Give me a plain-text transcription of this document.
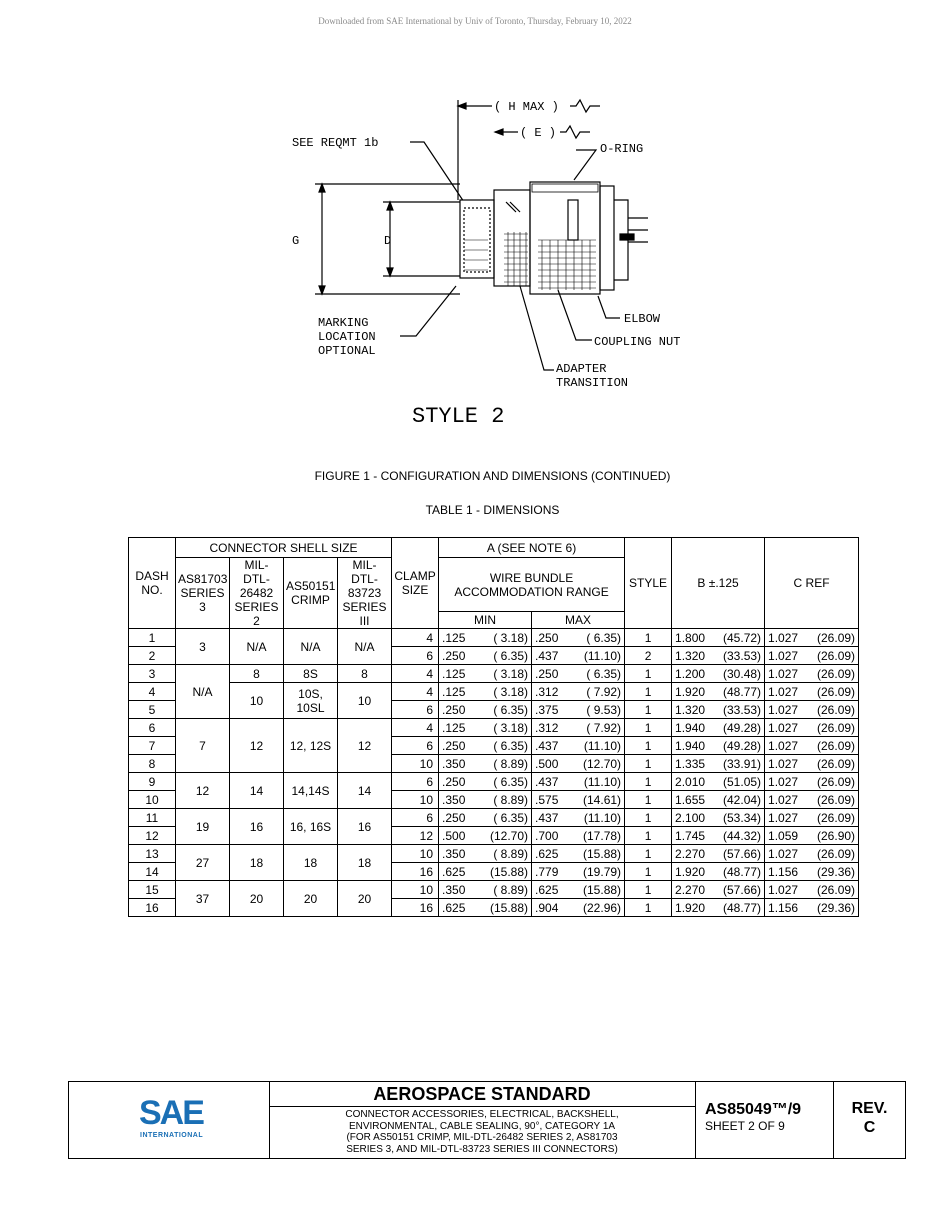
Downloaded from SAE International by Univ of Toronto, Thursday, February 10, 2022
( H MAX )
( E )
SEE REQMT 1b	O-RING
G	D
MARKING
LOCATION
OPTIONAL
ELBOW
COUPLING NUT
ADAPTER
TRANSITION
STYLE 2
FIGURE 1 - CONFIGURATION AND DIMENSIONS (CONTINUED)
TABLE 1 - DIMENSIONS
DASH NO.	CONNECTOR SHELL SIZE				CLAMP SIZE	A (SEE NOTE 6)		STYLE	B ±.125	C REF
	AS81703 SERIES 3	MIL-DTL-26482 SERIES 2	AS50151 CRIMP	MIL-DTL-83723 SERIES III		WIRE BUNDLE ACCOMMODATION RANGE				
						MIN	MAX			
1	3	N/A	N/A	N/A	4	.125 ( 3.18)	.250 ( 6.35)	1	1.800 (45.72)	1.027 (26.09)

2					6	.250 ( 6.35)	.437 (11.10)	2	1.320 (33.53)	1.027 (26.09)

3	N/A	8	8S	8	4	.125 ( 3.18)	.250 ( 6.35)	1	1.200 (30.48)	1.027 (26.09)

4		10	10S, 10SL	10	4	.125 ( 3.18)	.312 ( 7.92)	1	1.920 (48.77)	1.027 (26.09)

5					6	.250 ( 6.35)	.375 ( 9.53)	1	1.320 (33.53)	1.027 (26.09)

6	7	12	12, 12S	12	4	.125 ( 3.18)	.312 ( 7.92)	1	1.940 (49.28)	1.027 (26.09)

7					6	.250 ( 6.35)	.437 (11.10)	1	1.940 (49.28)	1.027 (26.09)

8					10	.350 ( 8.89)	.500 (12.70)	1	1.335 (33.91)	1.027 (26.09)

9	12	14	14,14S	14	6	.250 ( 6.35)	.437 (11.10)	1	2.010 (51.05)	1.027 (26.09)

10					10	.350 ( 8.89)	.575 (14.61)	1	1.655 (42.04)	1.027 (26.09)

11	19	16	16, 16S	16	6	.250 ( 6.35)	.437 (11.10)	1	2.100 (53.34)	1.027 (26.09)

12					12	.500 (12.70)	.700 (17.78)	1	1.745 (44.32)	1.059 (26.90)

13	27	18	18	18	10	.350 ( 8.89)	.625 (15.88)	1	2.270 (57.66)	1.027 (26.09)

14					16	.625 (15.88)	.779 (19.79)	1	1.920 (48.77)	1.156 (29.36)

15	37	20	20	20	10	.350 ( 8.89)	.625 (15.88)	1	2.270 (57.66)	1.027 (26.09)

16					16	.625 (15.88)	.904 (22.96)	1	1.920 (48.77)	1.156 (29.36)
SAE
INTERNATIONAL
AEROSPACE STANDARD
CONNECTOR ACCESSORIES, ELECTRICAL, BACKSHELL,
ENVIRONMENTAL, CABLE SEALING, 90°, CATEGORY 1A
(FOR AS50151 CRIMP, MIL-DTL-26482 SERIES 2, AS81703
SERIES 3, AND MIL-DTL-83723 SERIES III CONNECTORS)
AS85049™/9
SHEET 2 OF 9
REV.
C
